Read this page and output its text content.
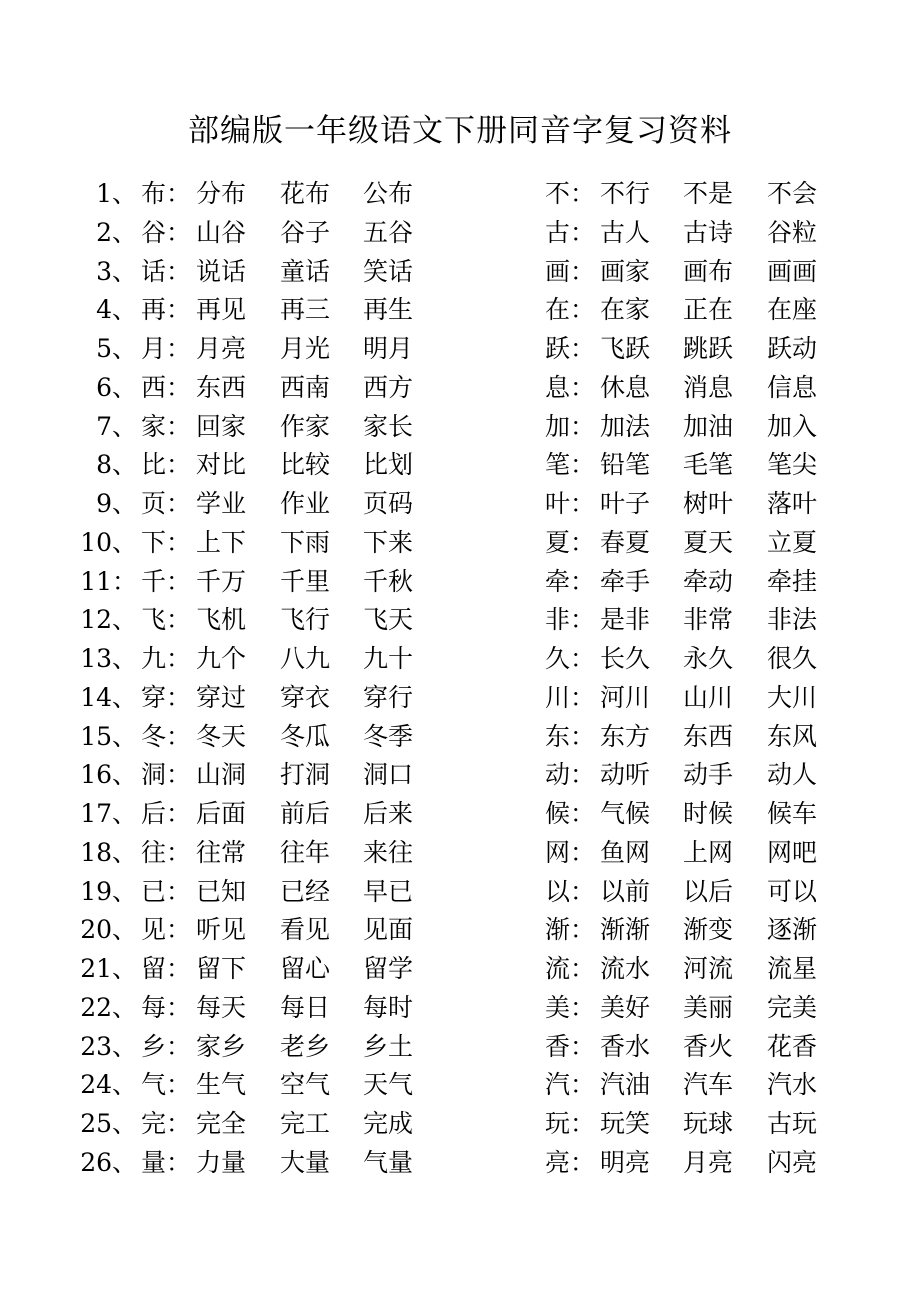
部编版一年级语文下册同音字复习资料
1、 布： 分布 花布 公布	不： 不行 不是 不会
2、 谷： 山谷 谷子 五谷	古： 古人 古诗 谷粒
3、 话： 说话 童话 笑话	画： 画家 画布 画画
4、 再： 再见 再三 再生	在： 在家 正在 在座
5、 月： 月亮 月光 明月	跃： 飞跃 跳跃 跃动
6、 西： 东西 西南 西方	息： 休息 消息 信息
7、 家： 回家 作家 家长	加： 加法 加油 加入
8、 比： 对比 比较 比划	笔： 铅笔 毛笔 笔尖
9、 页： 学业 作业 页码	叶： 叶子 树叶 落叶
10、 下： 上下 下雨 下来	夏： 春夏 夏天 立夏
11： 千： 千万 千里 千秋	牵： 牵手 牵动 牵挂
12、 飞： 飞机 飞行 飞天	非： 是非 非常 非法
13、 九： 九个 八九 九十	久： 长久 永久 很久
14、 穿： 穿过 穿衣 穿行	川： 河川 山川 大川
15、 冬： 冬天 冬瓜 冬季	东： 东方 东西 东风
16、 洞： 山洞 打洞 洞口	动： 动听 动手 动人
17、 后： 后面 前后 后来	候： 气候 时候 候车
18、 往： 往常 往年 来往	网： 鱼网 上网 网吧
19、 已： 已知 已经 早已	以： 以前 以后 可以
20、 见： 听见 看见 见面	渐： 渐渐 渐变 逐渐
21、 留： 留下 留心 留学	流： 流水 河流 流星
22、 每： 每天 每日 每时	美： 美好 美丽 完美
23、 乡： 家乡 老乡 乡土	香： 香水 香火 花香
24、 气： 生气 空气 天气	汽： 汽油 汽车 汽水
25、 完： 完全 完工 完成	玩： 玩笑 玩球 古玩
26、 量： 力量 大量 气量	亮： 明亮 月亮 闪亮
